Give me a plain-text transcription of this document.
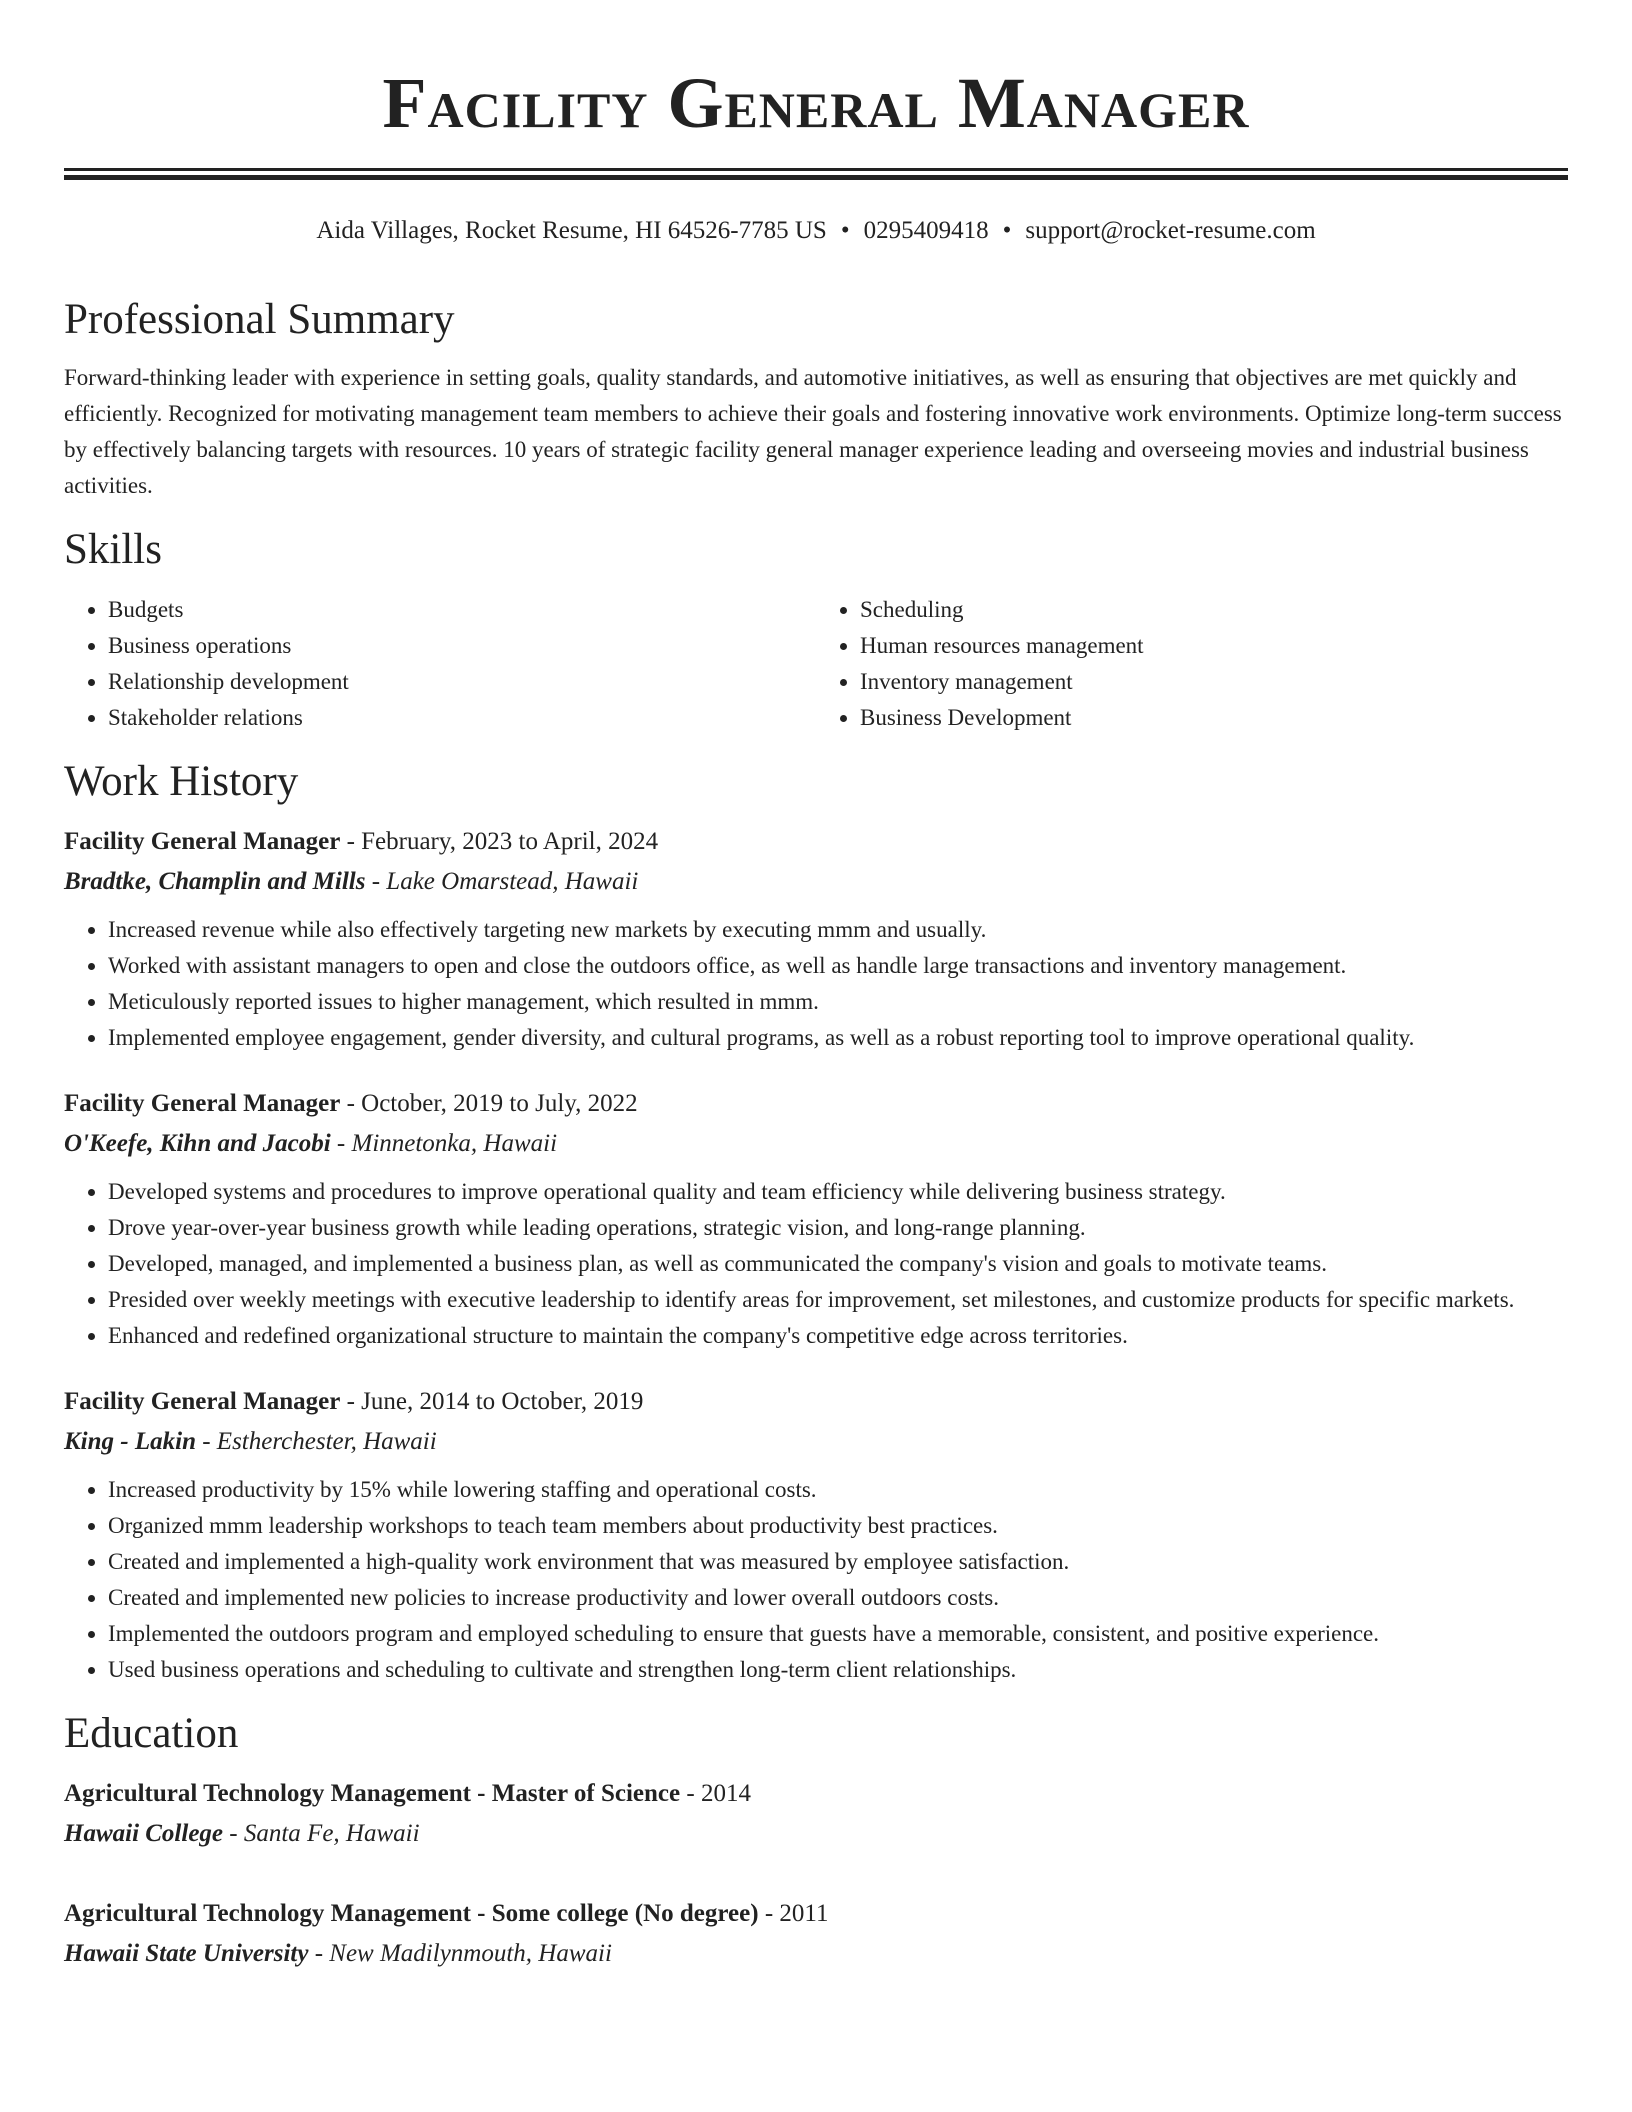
Facility General Manager
Aida Villages, Rocket Resume, HI 64526-7785 US • 0295409418 • support@rocket-resume.com
Professional Summary

Forward-thinking leader with experience in setting goals, quality standards, and automotive initiatives, as well as ensuring that objectives are met quickly and efficiently. Recognized for motivating management team members to achieve their goals and fostering innovative work environments. Optimize long-term success by effectively balancing targets with resources. 10 years of strategic facility general manager experience leading and overseeing movies and industrial business activities.

Skills
• Budgets
• Business operations
• Relationship development
• Stakeholder relations
• Scheduling
• Human resources management
• Inventory management
• Business Development
Work History

Facility General Manager - February, 2023 to April, 2024

Bradtke, Champlin and Mills - Lake Omarstead, Hawaii

• Increased revenue while also effectively targeting new markets by executing mmm and usually.
• Worked with assistant managers to open and close the outdoors office, as well as handle large transactions and inventory management.
• Meticulously reported issues to higher management, which resulted in mmm.
• Implemented employee engagement, gender diversity, and cultural programs, as well as a robust reporting tool to improve operational quality.

Facility General Manager - October, 2019 to July, 2022

O'Keefe, Kihn and Jacobi - Minnetonka, Hawaii

• Developed systems and procedures to improve operational quality and team efficiency while delivering business strategy.
• Drove year-over-year business growth while leading operations, strategic vision, and long-range planning.
• Developed, managed, and implemented a business plan, as well as communicated the company's vision and goals to motivate teams.
• Presided over weekly meetings with executive leadership to identify areas for improvement, set milestones, and customize products for specific markets.
• Enhanced and redefined organizational structure to maintain the company's competitive edge across territories.

Facility General Manager - June, 2014 to October, 2019

King - Lakin - Estherchester, Hawaii

• Increased productivity by 15% while lowering staffing and operational costs.
• Organized mmm leadership workshops to teach team members about productivity best practices.
• Created and implemented a high-quality work environment that was measured by employee satisfaction.
• Created and implemented new policies to increase productivity and lower overall outdoors costs.
• Implemented the outdoors program and employed scheduling to ensure that guests have a memorable, consistent, and positive experience.
• Used business operations and scheduling to cultivate and strengthen long-term client relationships.
Education

Agricultural Technology Management - Master of Science - 2014

Hawaii College - Santa Fe, Hawaii

Agricultural Technology Management - Some college (No degree) - 2011

Hawaii State University - New Madilynmouth, Hawaii
